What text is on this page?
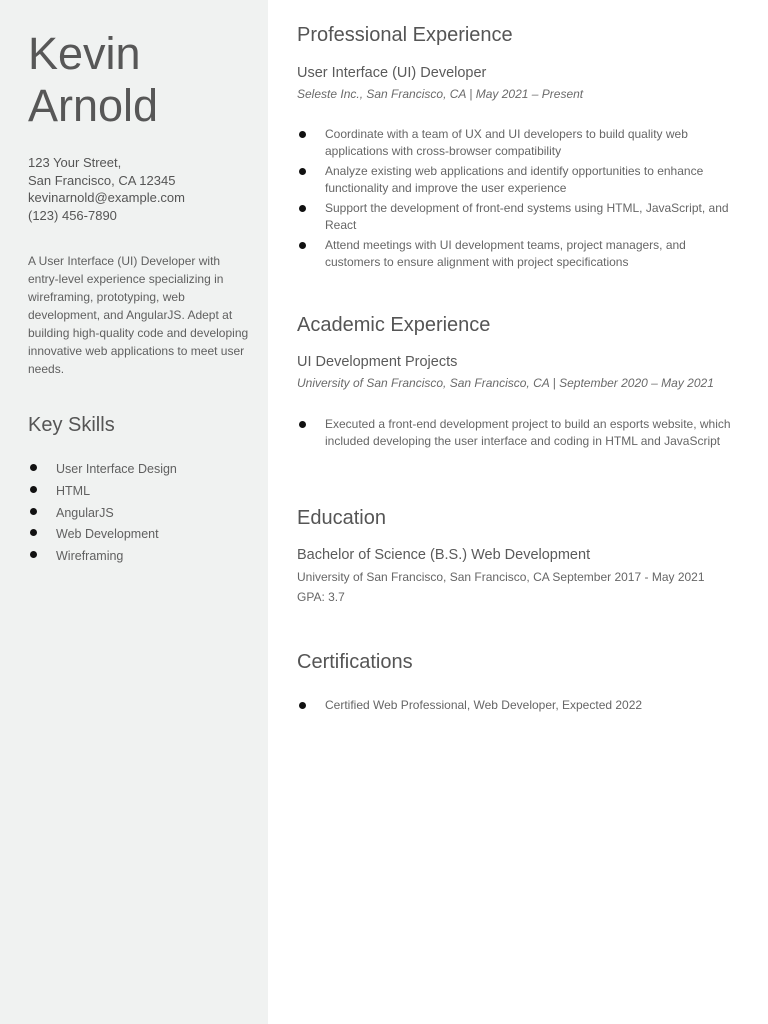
Kevin
Arnold
123 Your Street,
San Francisco, CA 12345
kevinarnold@example.com
(123) 456-7890
A User Interface (UI) Developer with entry-level experience specializing in wireframing, prototyping, web development, and AngularJS. Adept at building high-quality code and developing innovative web applications to meet user needs.
Key Skills
User Interface Design
HTML
AngularJS
Web Development
Wireframing
Professional Experience
User Interface (UI) Developer
Seleste Inc., San Francisco, CA | May 2021 – Present
Coordinate with a team of UX and UI developers to build quality web applications with cross-browser compatibility
Analyze existing web applications and identify opportunities to enhance functionality and improve the user experience
Support the development of front-end systems using HTML, JavaScript, and React
Attend meetings with UI development teams, project managers, and customers to ensure alignment with project specifications
Academic Experience
UI Development Projects
University of San Francisco, San Francisco, CA | September 2020 – May 2021
Executed a front-end development project to build an esports website, which included developing the user interface and coding in HTML and JavaScript
Education
Bachelor of Science (B.S.) Web Development
University of San Francisco, San Francisco, CA September 2017 - May 2021
GPA: 3.7
Certifications
Certified Web Professional, Web Developer, Expected 2022
